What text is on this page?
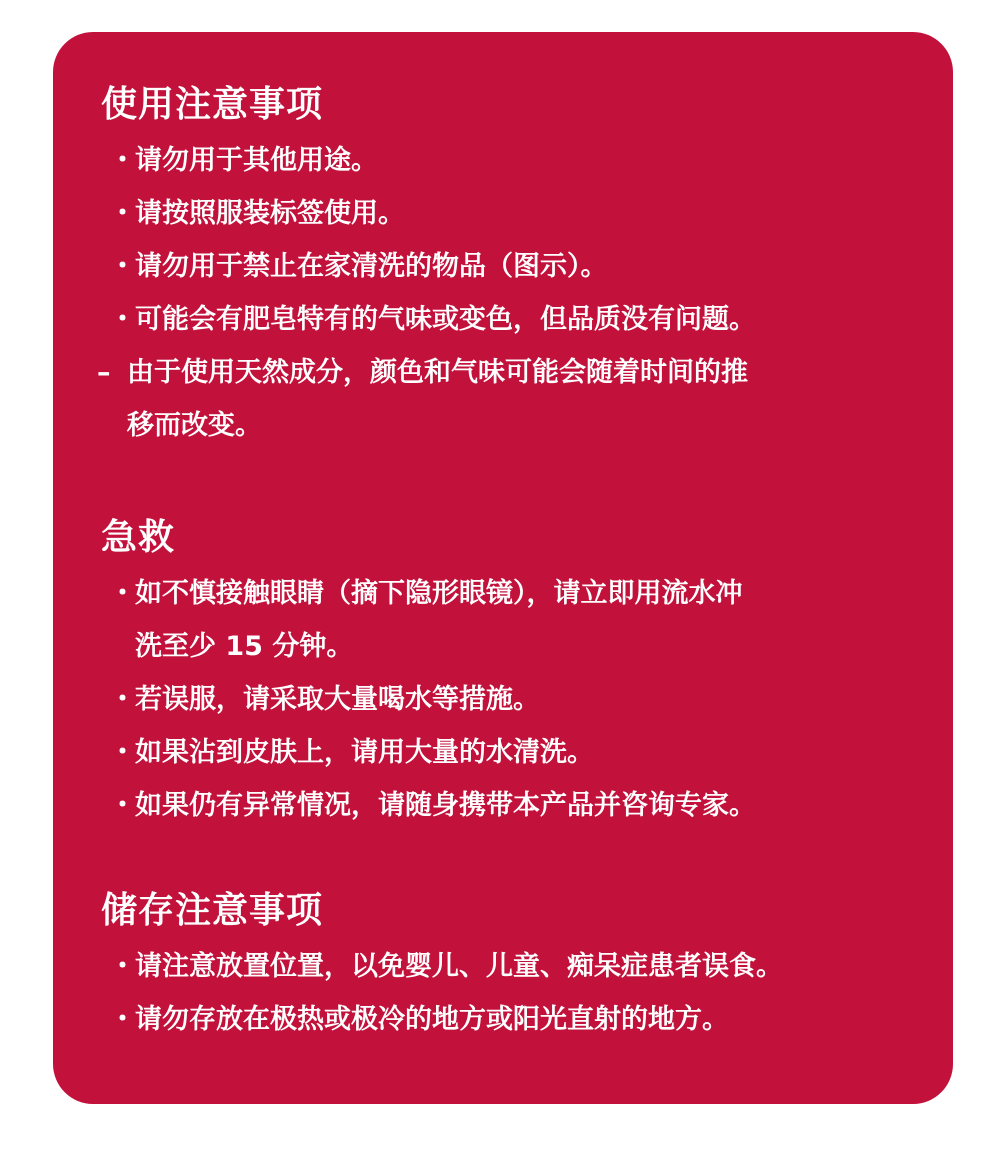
使用注意事项
・ 请勿用于其他用途。
・ 请按照服装标签使用。
・ 请勿用于禁止在家清洗的物品（图示）。
・ 可能会有肥皂特有的气味或变色，但品质没有问题。
– 由于使用天然成分，颜色和气味可能会随着时间的推
移而改变。
急救
・ 如不慎接触眼睛（摘下隐形眼镜），请立即用流水冲
洗至少 15 分钟。
・ 若误服，请采取大量喝水等措施。
・ 如果沾到皮肤上，请用大量的水清洗。
・ 如果仍有异常情况，请随身携带本产品并咨询专家。
储存注意事项
・ 请注意放置位置，以免婴儿、儿童、痴呆症患者误食。
・ 请勿存放在极热或极冷的地方或阳光直射的地方。
